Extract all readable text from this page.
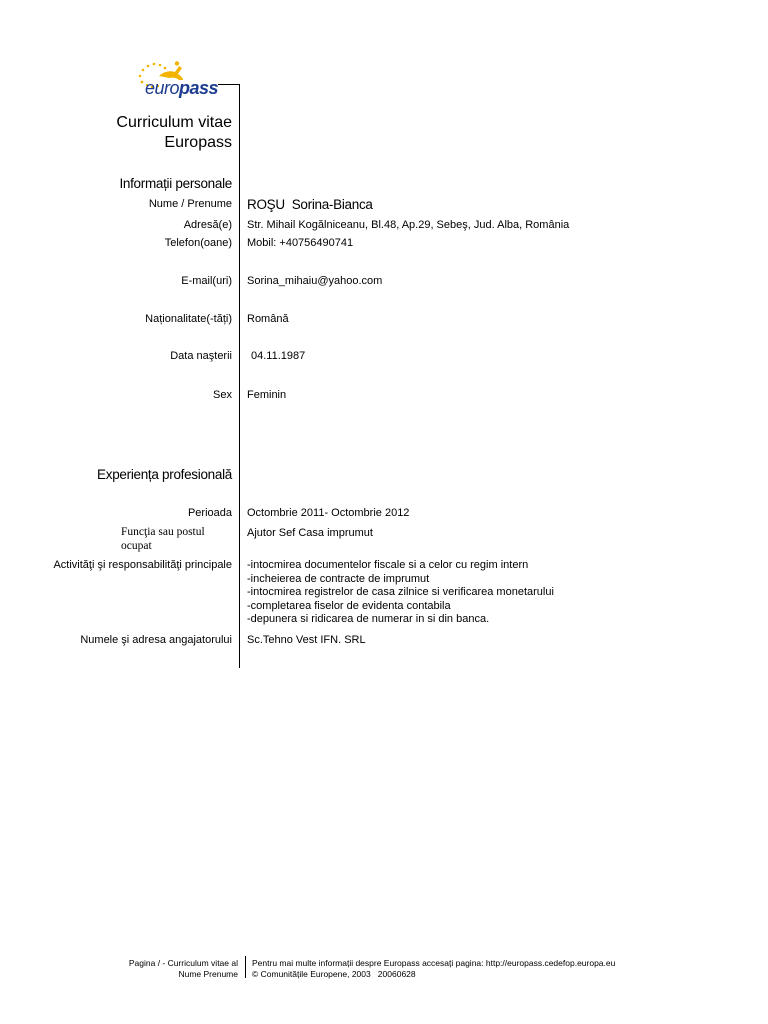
europass
Curriculum vitae
Europass
Informații personale
Nume / Prenume ROŞU  Sorina-Bianca
Adresă(e) Str. Mihail Kogălniceanu, Bl.48, Ap.29, Sebeş, Jud. Alba, România
Telefon(oane) Mobil: +40756490741
E-mail(uri) Sorina_mihaiu@yahoo.com
Naționalitate(-tăți) Română
Data naşterii 04.11.1987
Sex Feminin
Experiența profesională
Perioada Octombrie 2011- Octombrie 2012
Funcţia sau postul
ocupat
Ajutor Sef Casa imprumut
Activităţi şi responsabilităţi principale -intocmirea documentelor fiscale si a celor cu regim intern
-incheierea de contracte de imprumut
-intocmirea registrelor de casa zilnice si verificarea monetarului
-completarea fiselor de evidenta contabila
-depunera si ridicarea de numerar in si din banca.
Numele şi adresa angajatorului Sc.Tehno Vest IFN. SRL
Pagina / - Curriculum vitae al
Nume Prenume
Pentru mai multe informații despre Europass accesați pagina: http://europass.cedefop.europa.eu
© Comunitățile Europene, 2003   20060628
